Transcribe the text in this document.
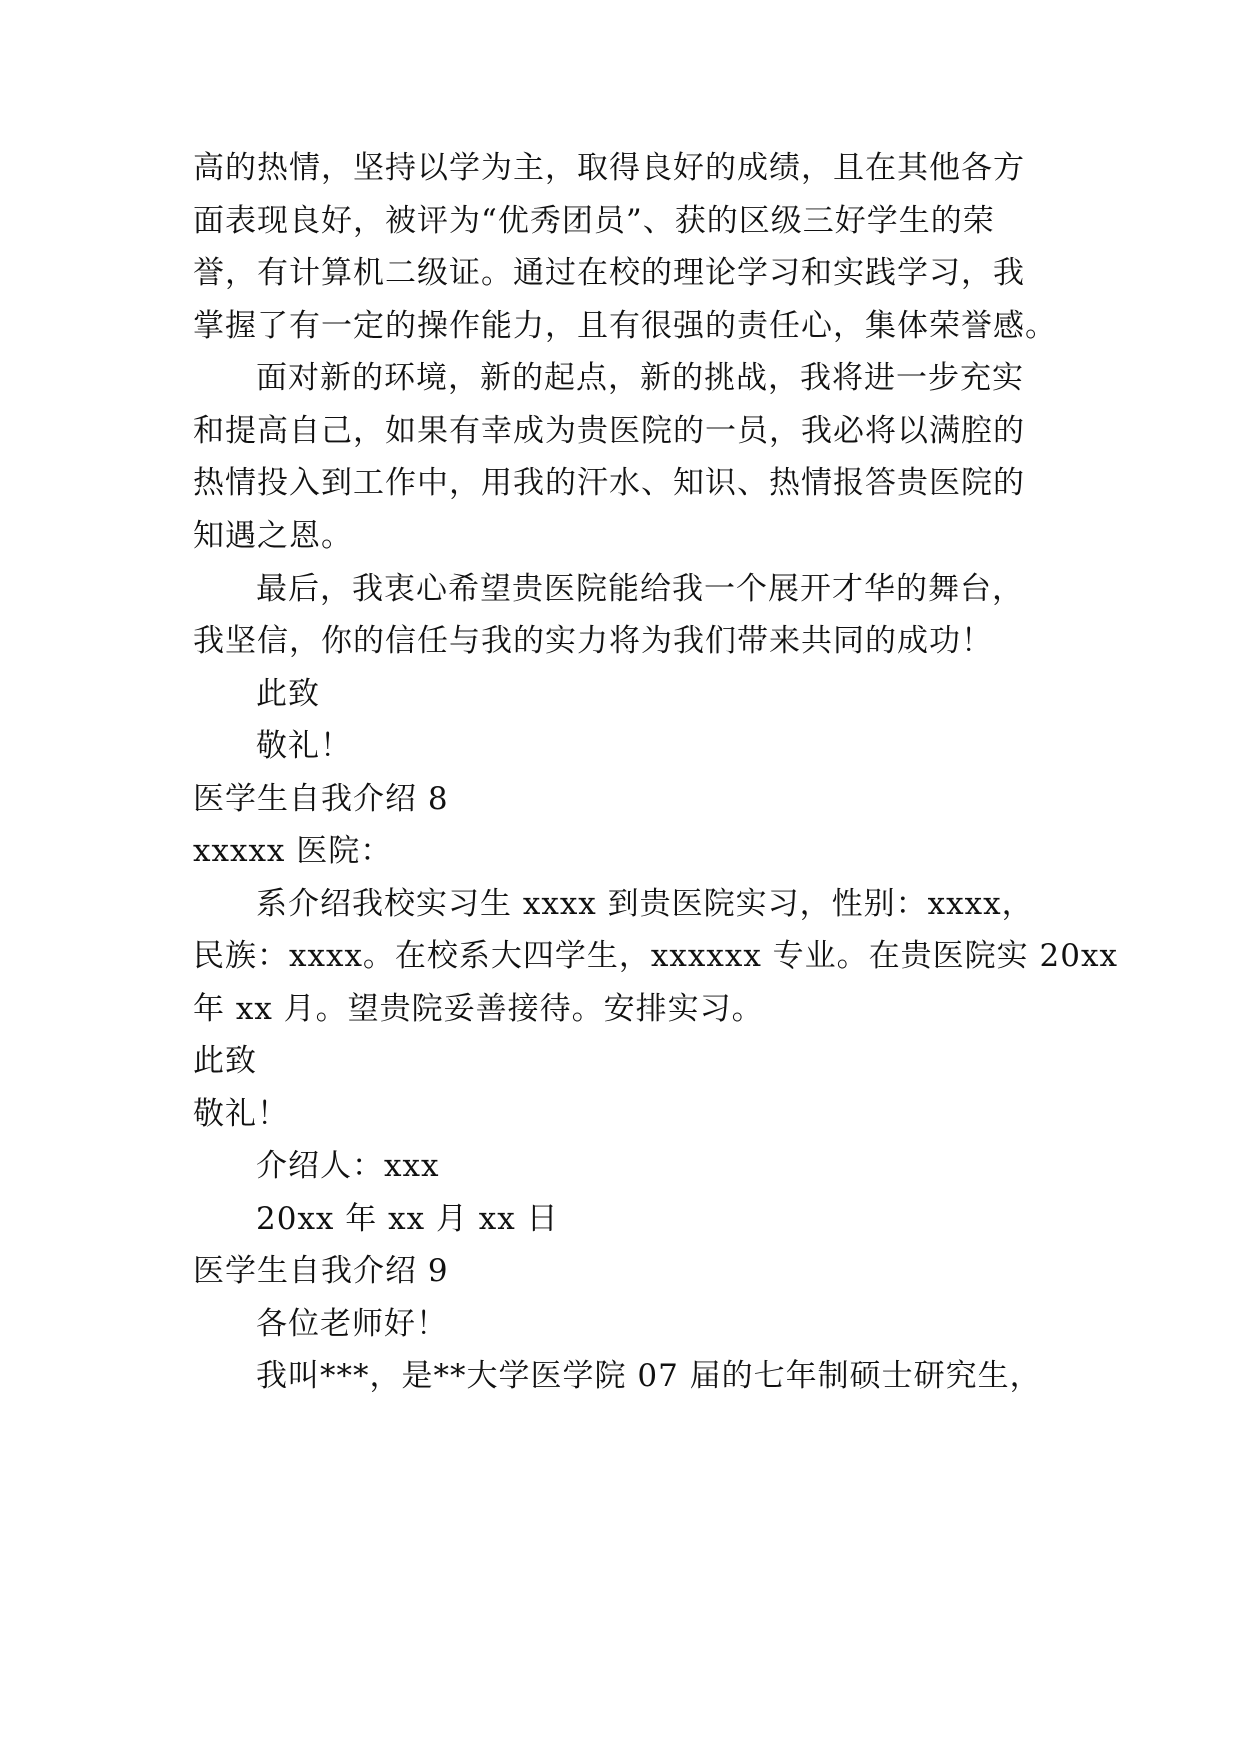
高的热情，坚持以学为主，取得良好的成绩，且在其他各方
面表现良好，被评为“优秀团员”、获的区级三好学生的荣
誉，有计算机二级证。通过在校的理论学习和实践学习，我
掌握了有一定的操作能力，且有很强的责任心，集体荣誉感。
面对新的环境，新的起点，新的挑战，我将进一步充实
和提高自己，如果有幸成为贵医院的一员，我必将以满腔的
热情投入到工作中，用我的汗水、知识、热情报答贵医院的
知遇之恩。
最后，我衷心希望贵医院能给我一个展开才华的舞台，
我坚信，你的信任与我的实力将为我们带来共同的成功！
此致
敬礼！
医学生自我介绍 8
xxxxx 医院：
系介绍我校实习生 xxxx 到贵医院实习，性别：xxxx，
民族：xxxx。在校系大四学生，xxxxxx 专业。在贵医院实 20xx
年 xx 月。望贵院妥善接待。安排实习。
此致
敬礼！
介绍人：xxx
20xx 年 xx 月 xx 日
医学生自我介绍 9
各位老师好！
我叫***，是**大学医学院 07 届的七年制硕士研究生，
